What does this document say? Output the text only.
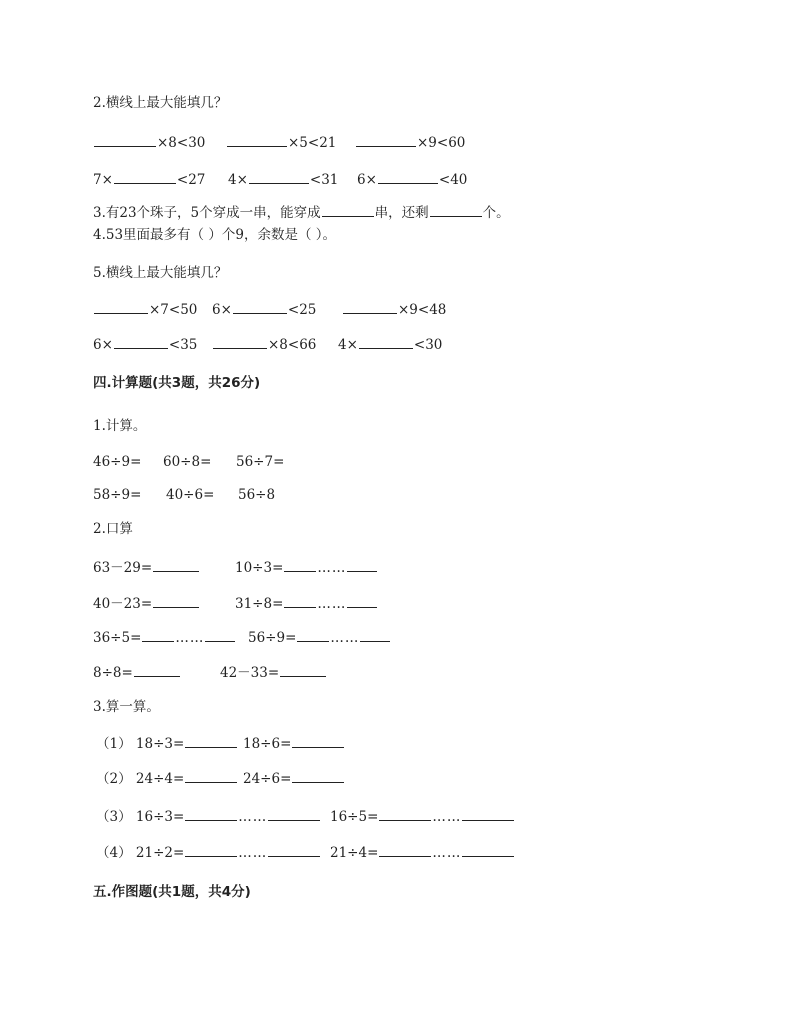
2.横线上最大能填几？
×8<30	×5<21	×9<60
7×	<27 4×	<31 6×	<40
3.有23个珠子，5个穿成一串，能穿成	串，还剩	个。
4.53里面最多有（ ）个9，余数是（ ）。
5.横线上最大能填几？
×7<50 6×	<25	×9<48
6×	<35	×8<66 4×	<30
四.计算题(共3题，共26分)
1.计算。
46÷9= 60÷8= 56÷7=
58÷9= 40÷6= 56÷8
2.口算
63－29=	10÷3=	……
40－23=	31÷8=	……
36÷5=	……	56÷9=	……
8÷8=	42－33=
3.算一算。
（1） 18÷3=	18÷6=
（2） 24÷4=	24÷6=
（3） 16÷3=	……	16÷5=	……
（4） 21÷2=	……	21÷4=	……
五.作图题(共1题，共4分)
